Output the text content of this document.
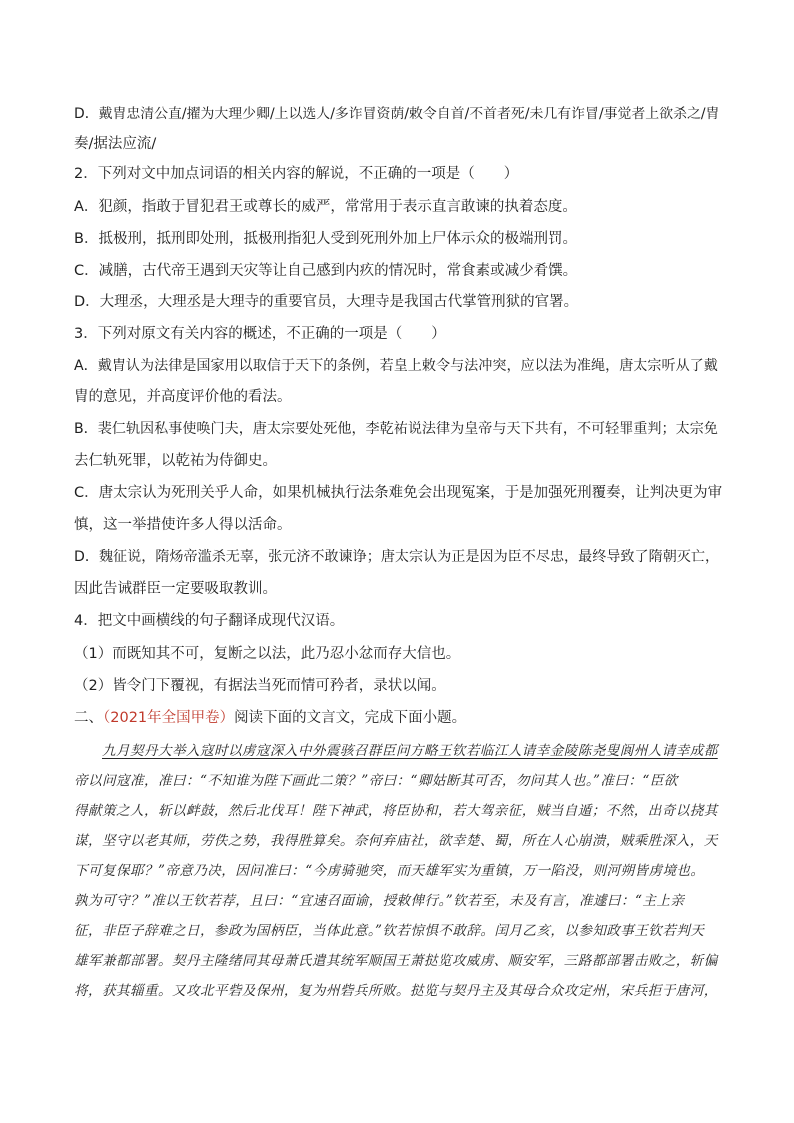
D．戴胄忠清公直/擢为大理少卿/上以选人/多诈冒资荫/敕令自首/不首者死/未几有诈冒/事觉者上欲杀之/胄
奏/据法应流/
2．下列对文中加点词语的相关内容的解说，不正确的一项是（　　）
A．犯颜，指敢于冒犯君王或尊长的威严，常常用于表示直言敢谏的执着态度。
B．抵极刑，抵刑即处刑，抵极刑指犯人受到死刑外加上尸体示众的极端刑罚。
C．减膳，古代帝王遇到天灾等让自己感到内疚的情况时，常食素或减少肴馔。
D．大理丞，大理丞是大理寺的重要官员，大理寺是我国古代掌管刑狱的官署。
3．下列对原文有关内容的概述，不正确的一项是（　　）
A．戴胄认为法律是国家用以取信于天下的条例，若皇上敕令与法冲突，应以法为准绳，唐太宗听从了戴
胄的意见，并高度评价他的看法。
B．裴仁轨因私事使唤门夫，唐太宗要处死他，李乾祐说法律为皇帝与天下共有，不可轻罪重判；太宗免
去仁轨死罪，以乾祐为侍御史。
C．唐太宗认为死刑关乎人命，如果机械执行法条难免会出现冤案，于是加强死刑覆奏，让判决更为审
慎，这一举措使许多人得以活命。
D．魏征说，隋炀帝滥杀无辜，张元济不敢谏诤；唐太宗认为正是因为臣不尽忠，最终导致了隋朝灭亡，
因此告诫群臣一定要吸取教训。
4．把文中画横线的句子翻译成现代汉语。
（1）而既知其不可，复断之以法，此乃忍小忿而存大信也。
（2）皆令门下覆视，有据法当死而情可矜者，录状以闻。
二、（2021年全国甲卷）阅读下面的文言文，完成下面小题。
九月契丹大举入寇时以虏寇深入中外震骇召群臣问方略王钦若临江人请幸金陵陈尧叟阆州人请幸成都
帝以问寇准，准曰：“不知谁为陛下画此二策？”帝曰：“卿姑断其可否，勿问其人也。”准曰：“臣欲
得献策之人，斩以衅鼓，然后北伐耳！陛下神武，将臣协和，若大驾亲征，贼当自遁；不然，出奇以挠其
谋，坚守以老其师，劳佚之势，我得胜算矣。奈何弃庙社，欲幸楚、蜀，所在人心崩溃，贼乘胜深入，天
下可复保耶？”帝意乃决，因问准曰：“今虏骑驰突，而天雄军实为重镇，万一陷没，则河朔皆虏境也。
孰为可守？”准以王钦若荐，且曰：“宜速召面谕，授敕俾行。”钦若至，未及有言，准遽曰：“主上亲
征，非臣子辞难之日，参政为国柄臣，当体此意。”钦若惊惧不敢辞。闰月乙亥，以参知政事王钦若判天
雄军兼都部署。契丹主隆绪同其母萧氏遣其统军顺国王萧挞览攻威虏、顺安军，三路都部署击败之，斩偏
将，获其辎重。又攻北平砦及保州，复为州砦兵所败。挞览与契丹主及其母合众攻定州，宋兵拒于唐河，
